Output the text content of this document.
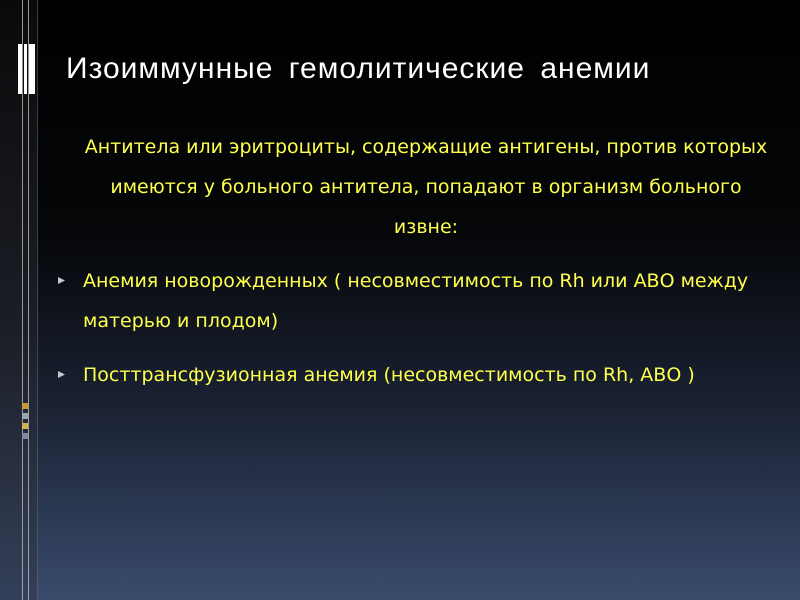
Изоиммунные гемолитические анемии

Антитела или эритроциты, содержащие антигены, против которых имеются у больного антитела, попадают в организм больного извне:

Анемия новорожденных ( несовместимость по Rh или АВО между матерью и плодом)
Посттрансфузионная анемия (несовместимость по Rh, АВО )
